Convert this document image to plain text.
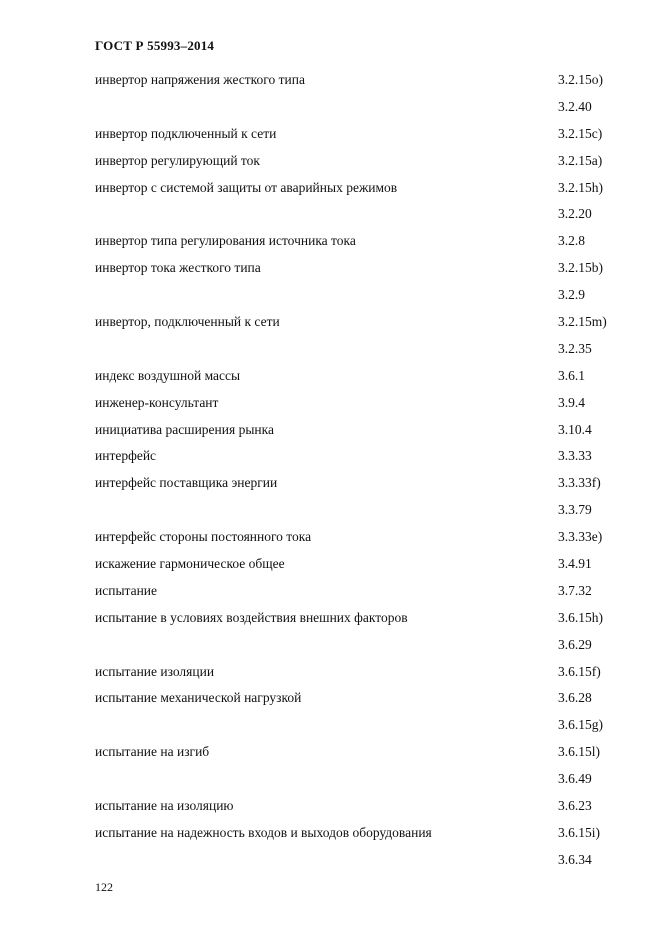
ГОСТ Р 55993–2014
инвертор напряжения жесткого типа	3.2.15o)
3.2.40
инвертор подключенный к сети	3.2.15c)
инвертор регулирующий ток	3.2.15a)
инвертор с системой защиты от аварийных режимов	3.2.15h)
3.2.20
инвертор типа регулирования источника тока	3.2.8
инвертор тока жесткого типа	3.2.15b)
3.2.9
инвертор, подключенный к сети	3.2.15m)
3.2.35
индекс воздушной массы	3.6.1
инженер-консультант	3.9.4
инициатива расширения рынка	3.10.4
интерфейс	3.3.33
интерфейс поставщика энергии	3.3.33f)
3.3.79
интерфейс стороны постоянного тока	3.3.33e)
искажение гармоническое общее	3.4.91
испытание	3.7.32
испытание в условиях воздействия внешних факторов	3.6.15h)
3.6.29
испытание изоляции	3.6.15f)
испытание механической нагрузкой	3.6.28
3.6.15g)
испытание на изгиб	3.6.15l)
3.6.49
испытание на изоляцию	3.6.23
испытание на надежность входов и выходов оборудования	3.6.15i)
3.6.34
122
